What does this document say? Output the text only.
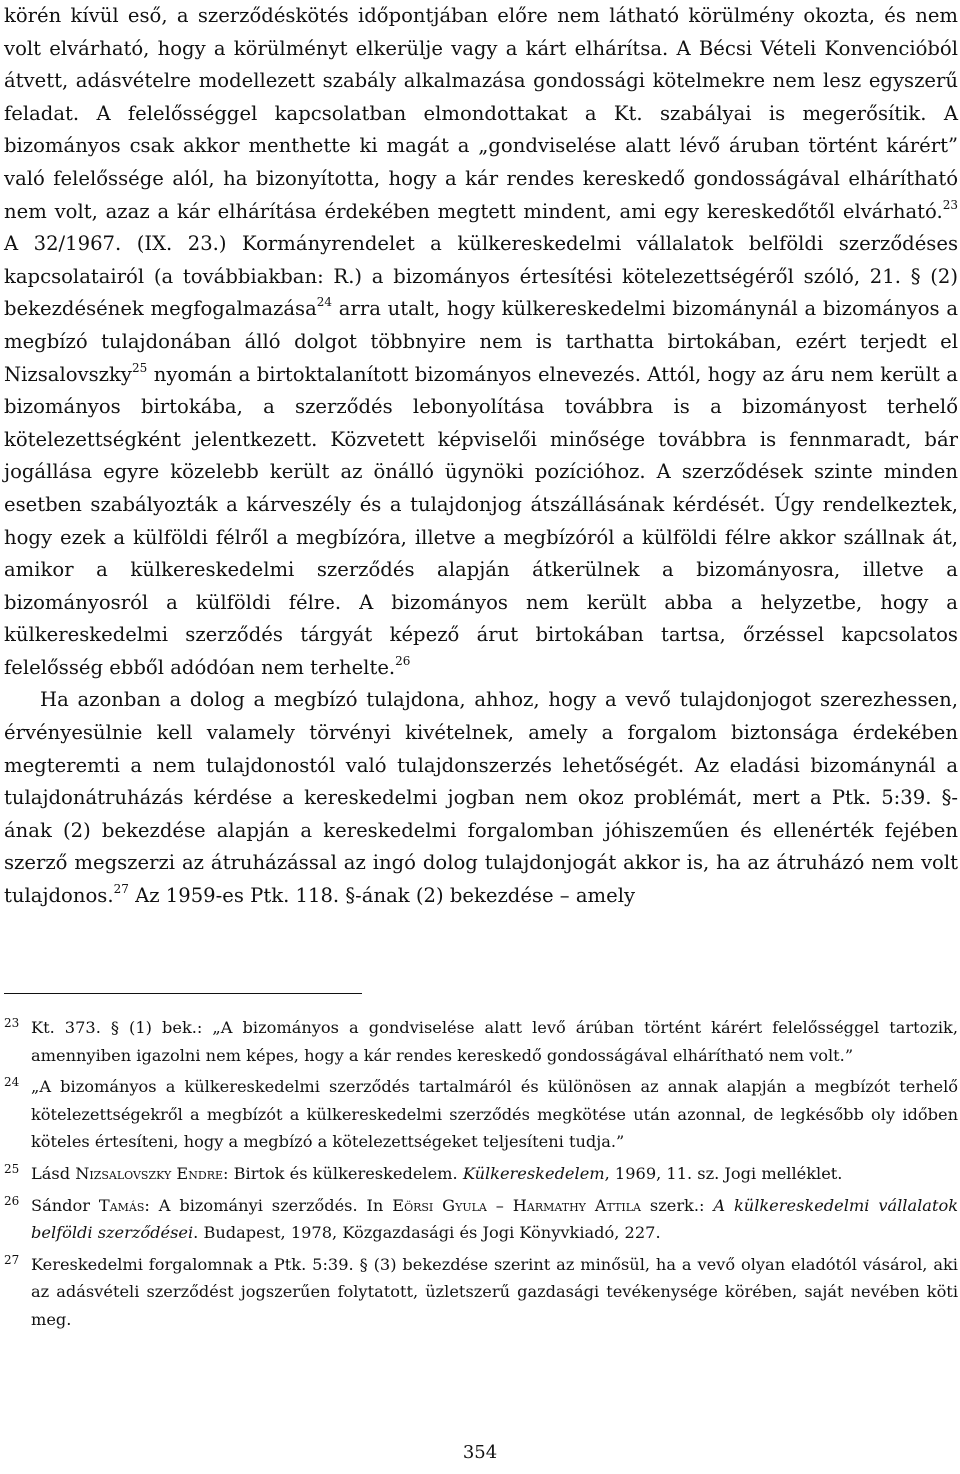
körén kívül eső, a szerződéskötés időpontjában előre nem látható körülmény okozta, és nem volt elvárható, hogy a körülményt elkerülje vagy a kárt elhárítsa. A Bécsi Vételi Konvencióból átvett, adásvételre modellezett szabály alkalmazása gondossági kötelmekre nem lesz egyszerű feladat. A felelősséggel kapcsolatban elmondottakat a Kt. szabályai is megerősítik. A bizományos csak akkor menthette ki magát a „gondviselése alatt lévő áruban történt kárért” való felelőssége alól, ha bizonyította, hogy a kár rendes kereskedő gondosságával elhárítható nem volt, azaz a kár elhárítása érdekében megtett mindent, ami egy kereskedőtől elvárható.$^{23}$ A 32/1967. (IX. 23.) Kormányrendelet a külkereskedelmi vállalatok belföldi szerződéses kapcsolatairól (a továbbiakban: R.) a bizományos értesítési kötelezettségéről szóló, 21. § (2) bekezdésének megfogalmazása$^{24}$ arra utalt, hogy külkereskedelmi bizománynál a bizományos a megbízó tulajdonában álló dolgot többnyire nem is tarthatta birtokában, ezért terjedt el Nizsalovszky$^{25}$ nyomán a birtoktalanított bizományos elnevezés. Attól, hogy az áru nem került a bizományos birtokába, a szerződés lebonyolítása továbbra is a bizományost terhelő kötelezettségként jelentkezett. Közvetett képviselői minősége továbbra is fennmaradt, bár jogállása egyre közelebb került az önálló ügynöki pozícióhoz. A szerződések szinte minden esetben szabályozták a kárveszély és a tulajdonjog átszállásának kérdését. Úgy rendelkeztek, hogy ezek a külföldi félről a megbízóra, illetve a megbízóról a külföldi félre akkor szállnak át, amikor a külkereskedelmi szerződés alapján átkerülnek a bizományosra, illetve a bizományosról a külföldi félre. A bizományos nem került abba a helyzetbe, hogy a külkereskedelmi szerződés tárgyát képező árut birtokában tartsa, őrzéssel kapcsolatos felelősség ebből adódóan nem terhelte.$^{26}$

Ha azonban a dolog a megbízó tulajdona, ahhoz, hogy a vevő tulajdonjogot szerezhessen, érvényesülnie kell valamely törvényi kivételnek, amely a forgalom biztonsága érdekében megteremti a nem tulajdonostól való tulajdonszerzés lehetőségét. Az eladási bizománynál a tulajdonátruházás kérdése a kereskedelmi jogban nem okoz problémát, mert a Ptk. 5:39. §-ának (2) bekezdése alapján a kereskedelmi forgalomban jóhiszeműen és ellenérték fejében szerző megszerzi az átruházással az ingó dolog tulajdonjogát akkor is, ha az átruházó nem volt tulajdonos.$^{27}$ Az 1959-es Ptk. 118. §-ának (2) bekezdése – amely

23 Kt. 373. § (1) bek.: „A bizományos a gondviselése alatt levő árúban történt kárért felelősséggel tartozik, amennyiben igazolni nem képes, hogy a kár rendes kereskedő gondosságával elhárítható nem volt.”
24 „A bizományos a külkereskedelmi szerződés tartalmáról és különösen az annak alapján a megbízót terhelő kötelezettségekről a megbízót a külkereskedelmi szerződés megkötése után azonnal, de legkésőbb oly időben köteles értesíteni, hogy a megbízó a kötelezettségeket teljesíteni tudja.”
25 Lásd Nizsalovszky Endre: Birtok és külkereskedelem. Külkereskedelem, 1969, 11. sz. Jogi melléklet.
26 Sándor Tamás: A bizományi szerződés. In Eörsi Gyula – Harmathy Attila szerk.: A külkereskedelmi vállalatok belföldi szerződései. Budapest, 1978, Közgazdasági és Jogi Könyvkiadó, 227.
27 Kereskedelmi forgalomnak a Ptk. 5:39. § (3) bekezdése szerint az minősül, ha a vevő olyan eladótól vásárol, aki az adásvételi szerződést jogszerűen folytatott, üzletszerű gazdasági tevékenysége körében, saját nevében köti meg.
354
